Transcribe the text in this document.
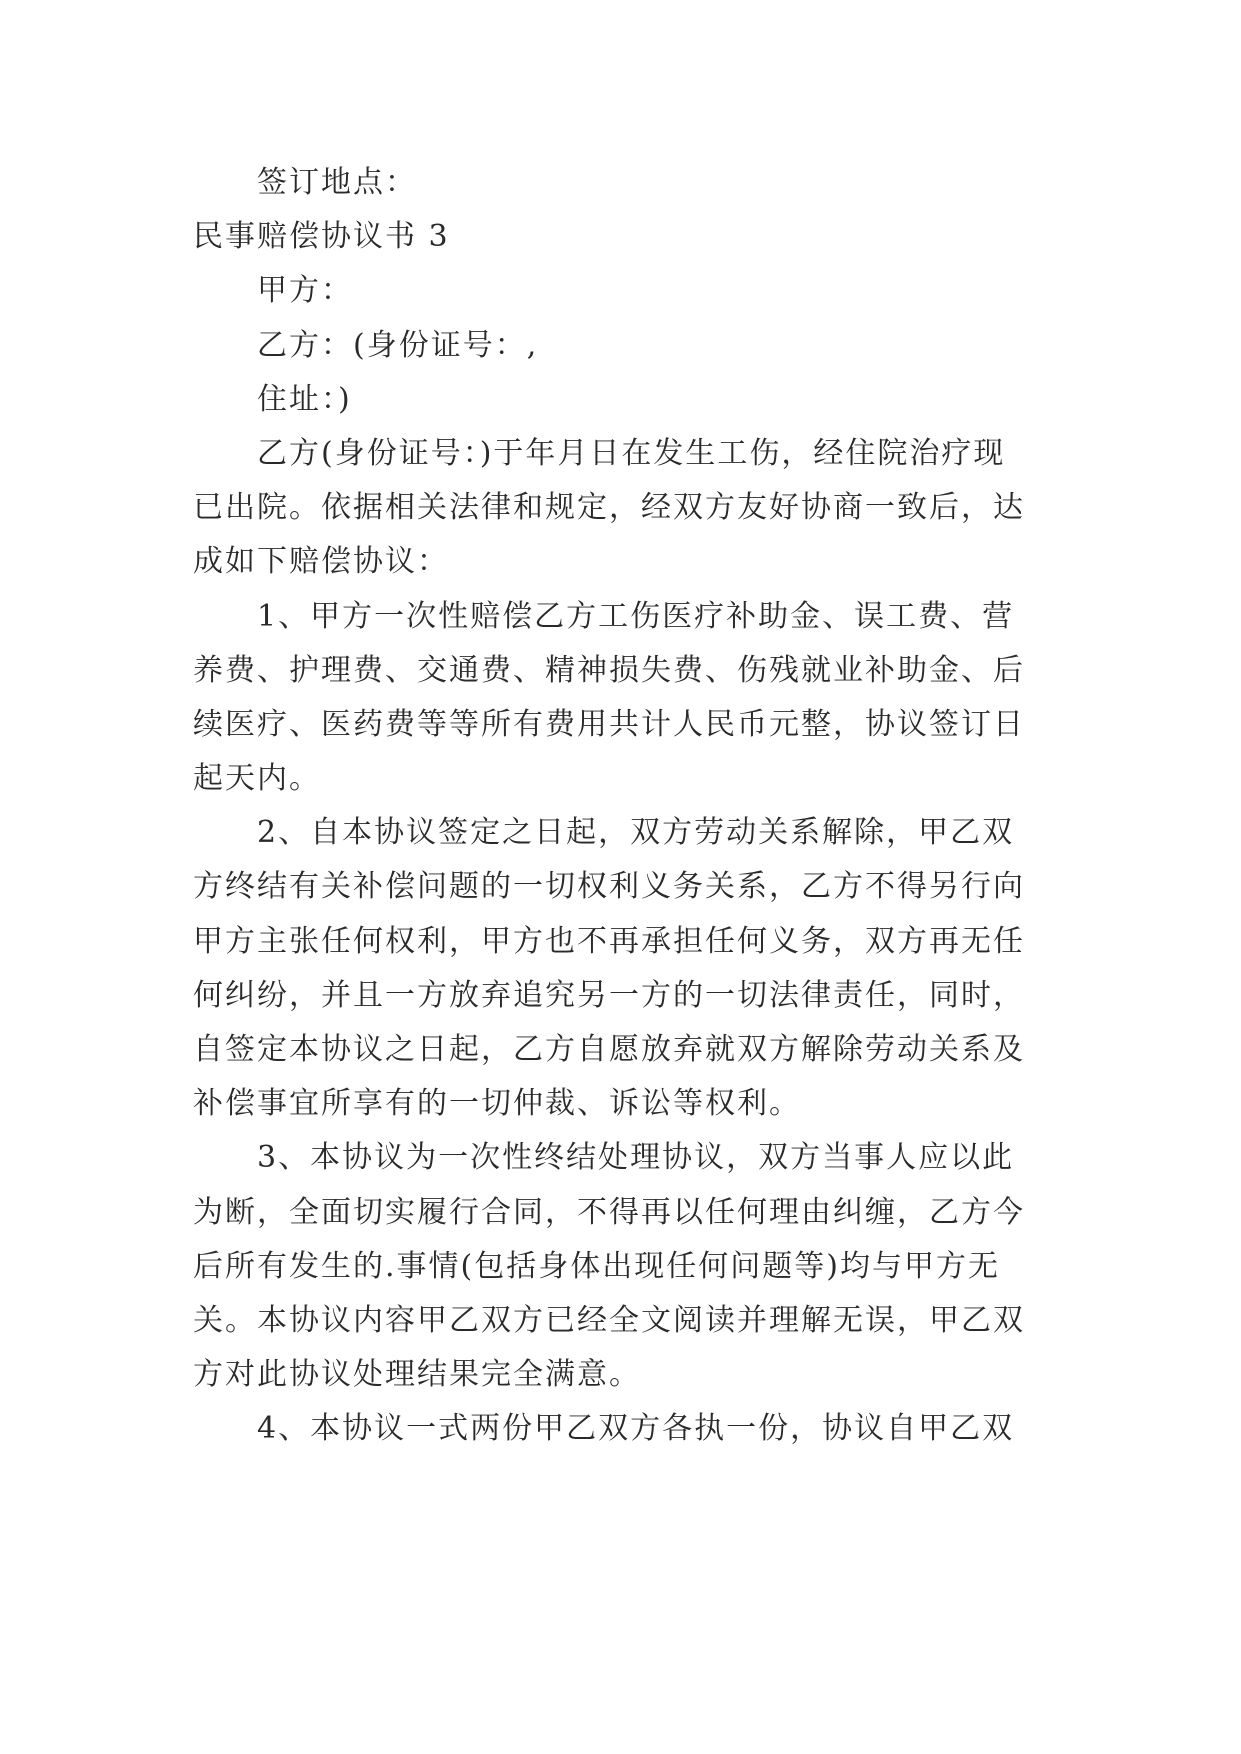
签订地点：
民事赔偿协议书 3
甲方：
乙方：(身份证号：,
住址：)
乙方(身份证号：)于年月日在发生工伤，经住院治疗现
已出院。依据相关法律和规定，经双方友好协商一致后，达
成如下赔偿协议：
1、甲方一次性赔偿乙方工伤医疗补助金、误工费、营
养费、护理费、交通费、精神损失费、伤残就业补助金、后
续医疗、医药费等等所有费用共计人民币元整，协议签订日
起天内。
2、自本协议签定之日起，双方劳动关系解除，甲乙双
方终结有关补偿问题的一切权利义务关系，乙方不得另行向
甲方主张任何权利，甲方也不再承担任何义务，双方再无任
何纠纷，并且一方放弃追究另一方的一切法律责任，同时，
自签定本协议之日起，乙方自愿放弃就双方解除劳动关系及
补偿事宜所享有的一切仲裁、诉讼等权利。
3、本协议为一次性终结处理协议，双方当事人应以此
为断，全面切实履行合同，不得再以任何理由纠缠，乙方今
后所有发生的.事情(包括身体出现任何问题等)均与甲方无
关。本协议内容甲乙双方已经全文阅读并理解无误，甲乙双
方对此协议处理结果完全满意。
4、本协议一式两份甲乙双方各执一份，协议自甲乙双
